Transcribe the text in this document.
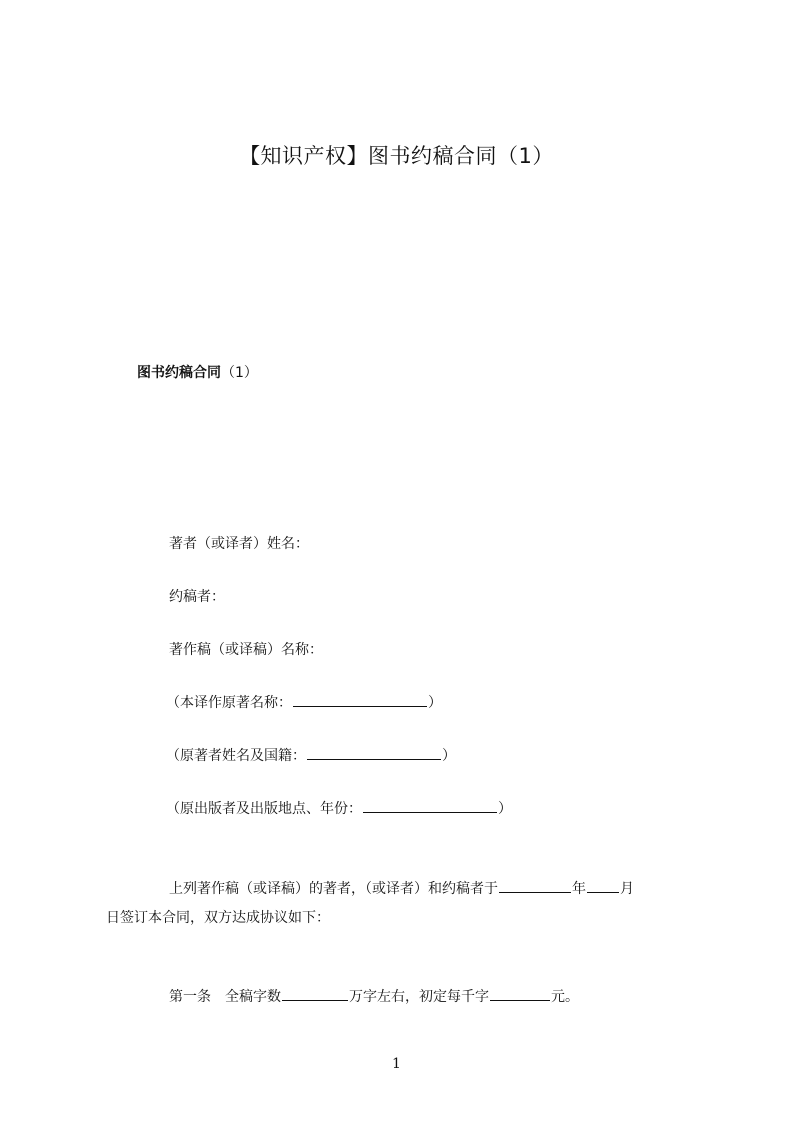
【知识产权】图书约稿合同（1）

图书约稿合同（1）

著者（或译者）姓名：

约稿者：

著作稿（或译稿）名称：

（本译作原著名称：	）

（原著者姓名及国籍：	）

（原出版者及出版地点、年份：	）

上列著作稿（或译稿）的著者，（或译者）和约稿者于	年 月

日签订本合同，双方达成协议如下：

第一条 全稿字数	万字左右，初定每千字	元。

1
